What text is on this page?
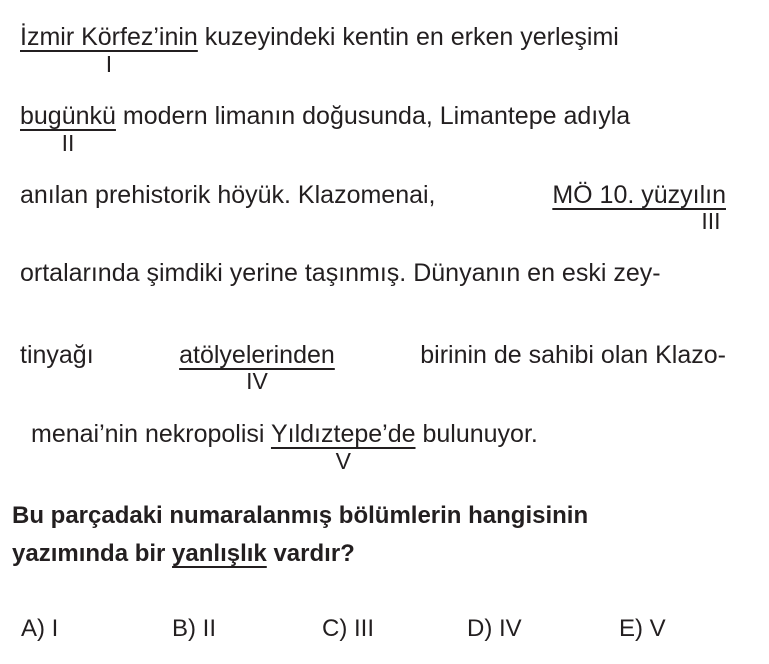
İzmir Körfez’inin
I
kuzeyindeki kentin en erken yerleşimi
bugünkü
II
modern limanın doğusunda, Limantepe adıyla
anılan prehistorik höyük. Klazomenai,	MÖ 10. yüzyılın
III
ortalarında şimdiki yerine taşınmış. Dünyanın en eski zey-
tinyağı	atölyelerinden
IV
birinin de sahibi olan Klazo-
menai’nin nekropolisi Yıldıztepe’de
V
bulunuyor.
Bu parçadaki numaralanmış bölümlerin hangisinin
yazımında bir yanlışlık vardır?
A) I	B) II	C) III	D) IV	E) V
